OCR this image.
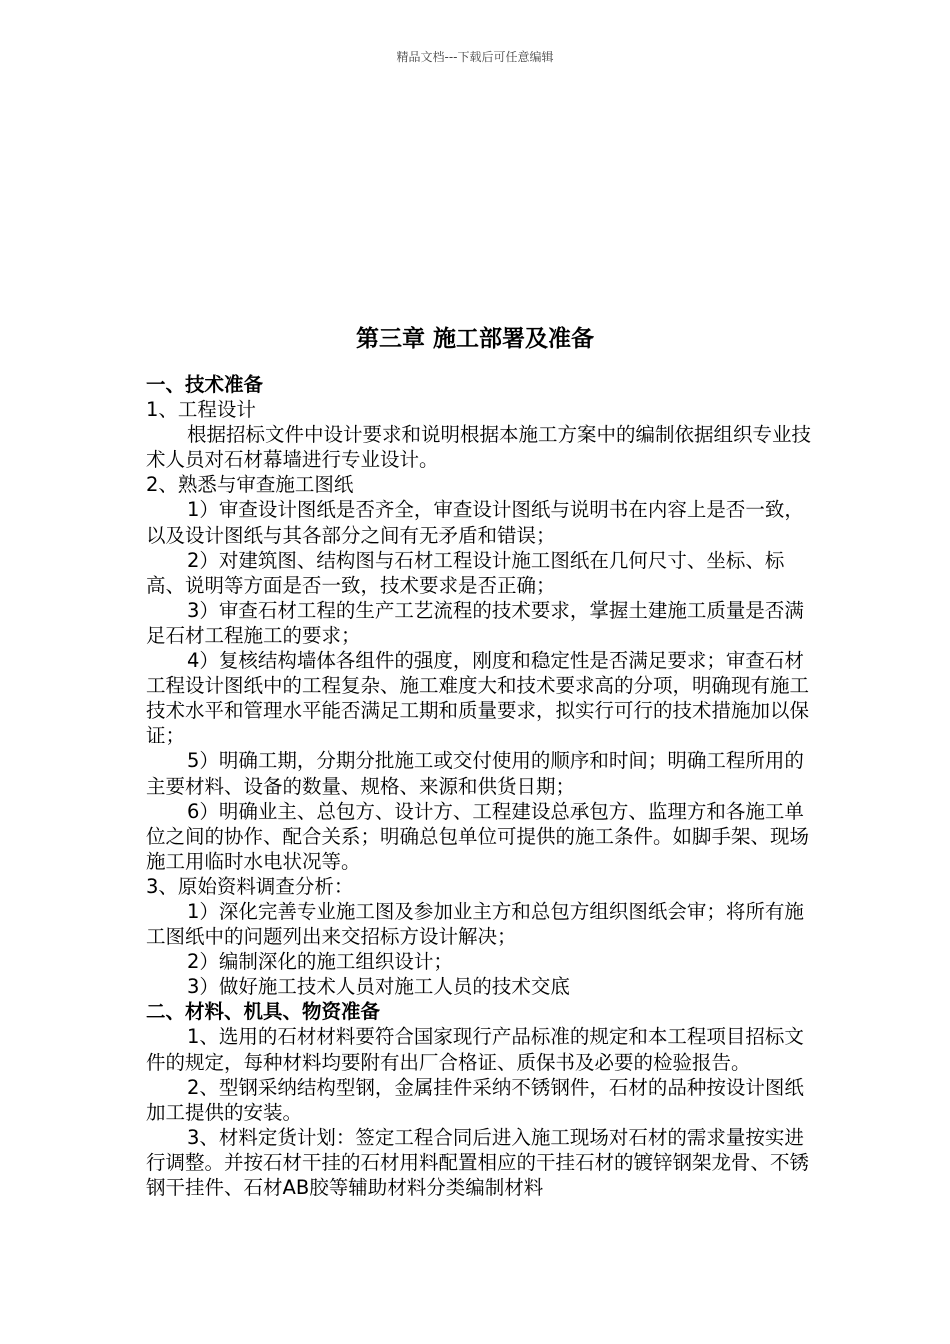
精品文档---下载后可任意编辑
第三章 施工部署及准备

一、技术准备

1、工程设计

根据招标文件中设计要求和说明根据本施工方案中的编制依据组织专业技术人员对石材幕墙进行专业设计。

2、熟悉与审查施工图纸

1）审查设计图纸是否齐全，审查设计图纸与说明书在内容上是否一致，以及设计图纸与其各部分之间有无矛盾和错误；

2）对建筑图、结构图与石材工程设计施工图纸在几何尺寸、坐标、标高、说明等方面是否一致，技术要求是否正确；

3）审查石材工程的生产工艺流程的技术要求，掌握土建施工质量是否满足石材工程施工的要求；

4）复核结构墙体各组件的强度，刚度和稳定性是否满足要求；审查石材工程设计图纸中的工程复杂、施工难度大和技术要求高的分项，明确现有施工技术水平和管理水平能否满足工期和质量要求，拟实行可行的技术措施加以保证；

5）明确工期，分期分批施工或交付使用的顺序和时间；明确工程所用的主要材料、设备的数量、规格、来源和供货日期；

6）明确业主、总包方、设计方、工程建设总承包方、监理方和各施工单位之间的协作、配合关系；明确总包单位可提供的施工条件。如脚手架、现场施工用临时水电状况等。

3、原始资料调查分析：

1）深化完善专业施工图及参加业主方和总包方组织图纸会审；将所有施工图纸中的问题列出来交招标方设计解决；

2）编制深化的施工组织设计；

3）做好施工技术人员对施工人员的技术交底

二、材料、机具、物资准备

1、选用的石材材料要符合国家现行产品标准的规定和本工程项目招标文件的规定，每种材料均要附有出厂合格证、质保书及必要的检验报告。

2、型钢采纳结构型钢，金属挂件采纳不锈钢件，石材的品种按设计图纸加工提供的安装。

3、材料定货计划：签定工程合同后进入施工现场对石材的需求量按实进行调整。并按石材干挂的石材用料配置相应的干挂石材的镀锌钢架龙骨、不锈钢干挂件、石材AB胶等辅助材料分类编制材料
